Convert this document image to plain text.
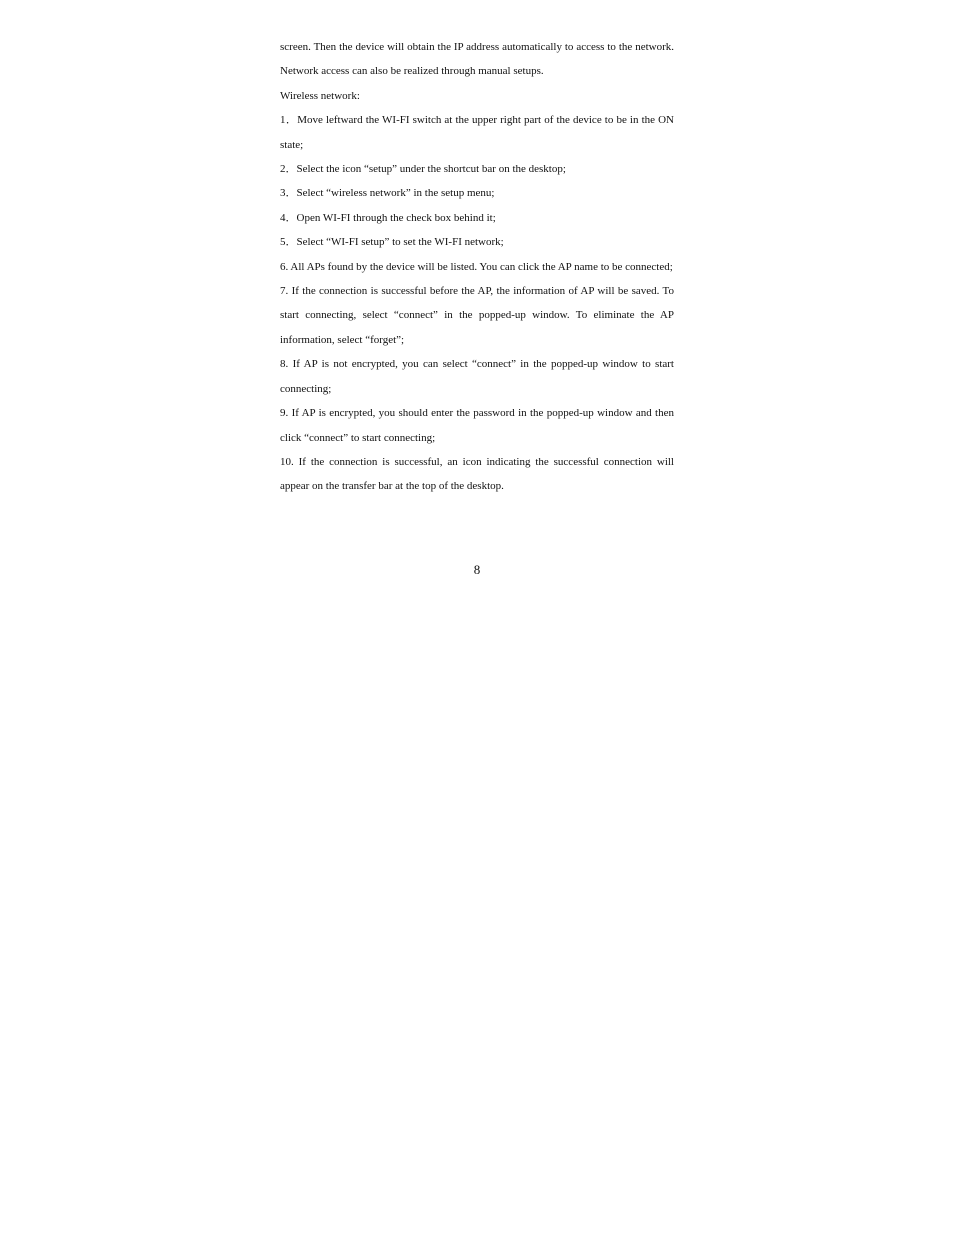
screen. Then the device will obtain the IP address automatically to access to the network. Network access can also be realized through manual setups.

Wireless network:

1．Move leftward the WI-FI switch at the upper right part of the device to be in the ON state;

2．Select the icon “setup” under the shortcut bar on the desktop;

3．Select “wireless network” in the setup menu;

4．Open WI-FI through the check box behind it;

5．Select “WI-FI setup” to set the WI-FI network;

6. All APs found by the device will be listed. You can click the AP name to be connected;

7. If the connection is successful before the AP, the information of AP will be saved. To start connecting, select “connect” in the popped-up window. To eliminate the AP information, select “forget”;

8. If AP is not encrypted, you can select “connect” in the popped-up window to start connecting;

9. If AP is encrypted, you should enter the password in the popped-up window and then click “connect” to start connecting;

10. If the connection is successful, an icon indicating the successful connection will appear on the transfer bar at the top of the desktop.

8
